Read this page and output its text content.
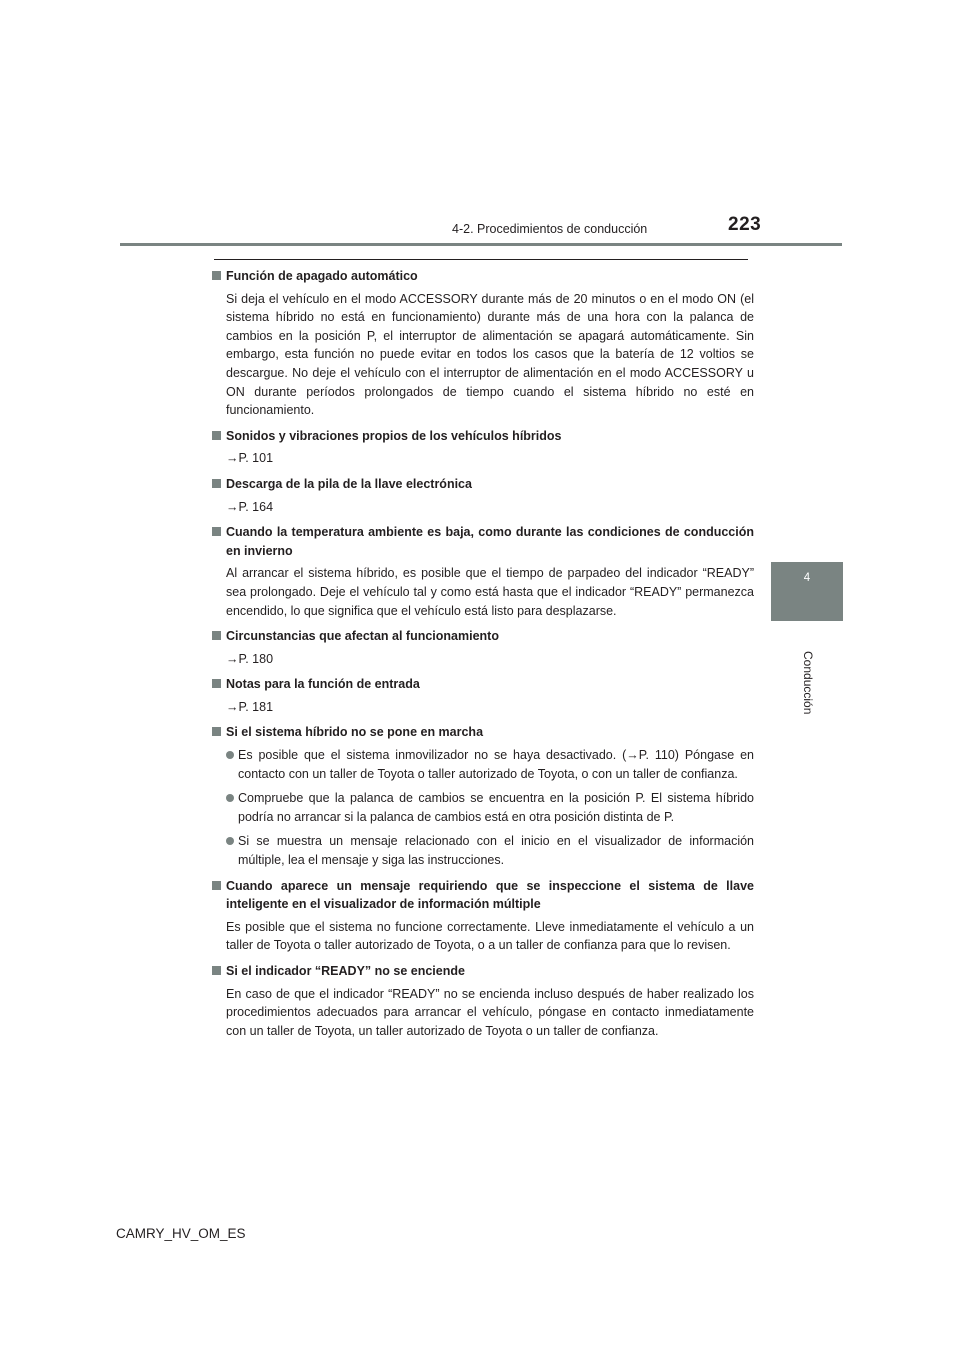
223
4-2. Procedimientos de conducción
4
Conducción
Función de apagado automático
Si deja el vehículo en el modo ACCESSORY durante más de 20 minutos o en el modo ON (el sistema híbrido no está en funcionamiento) durante más de una hora con la palanca de cambios en la posición P, el interruptor de alimentación se apagará automáticamente. Sin embargo, esta función no puede evitar en todos los casos que la batería de 12 voltios se descargue. No deje el vehículo con el interruptor de alimentación en el modo ACCESSORY u ON durante períodos prolongados de tiempo cuando el sistema híbrido no esté en funcionamiento.
Sonidos y vibraciones propios de los vehículos híbridos
→P. 101
Descarga de la pila de la llave electrónica
→P. 164
Cuando la temperatura ambiente es baja, como durante las condiciones de conducción en invierno
Al arrancar el sistema híbrido, es posible que el tiempo de parpadeo del indicador “READY” sea prolongado. Deje el vehículo tal y como está hasta que el indicador “READY” permanezca encendido, lo que significa que el vehículo está listo para desplazarse.
Circunstancias que afectan al funcionamiento
→P. 180
Notas para la función de entrada
→P. 181
Si el sistema híbrido no se pone en marcha
Es posible que el sistema inmovilizador no se haya desactivado. (→P. 110) Póngase en contacto con un taller de Toyota o taller autorizado de Toyota, o con un taller de confianza.
Compruebe que la palanca de cambios se encuentra en la posición P. El sistema híbrido podría no arrancar si la palanca de cambios está en otra posición distinta de P.
Si se muestra un mensaje relacionado con el inicio en el visualizador de información múltiple, lea el mensaje y siga las instrucciones.
Cuando aparece un mensaje requiriendo que se inspeccione el sistema de llave inteligente en el visualizador de información múltiple
Es posible que el sistema no funcione correctamente. Lleve inmediatamente el vehículo a un taller de Toyota o taller autorizado de Toyota, o a un taller de confianza para que lo revisen.
Si el indicador “READY” no se enciende
En caso de que el indicador “READY” no se encienda incluso después de haber realizado los procedimientos adecuados para arrancar el vehículo, póngase en contacto inmediatamente con un taller de Toyota, un taller autorizado de Toyota o un taller de confianza.
CAMRY_HV_OM_ES
